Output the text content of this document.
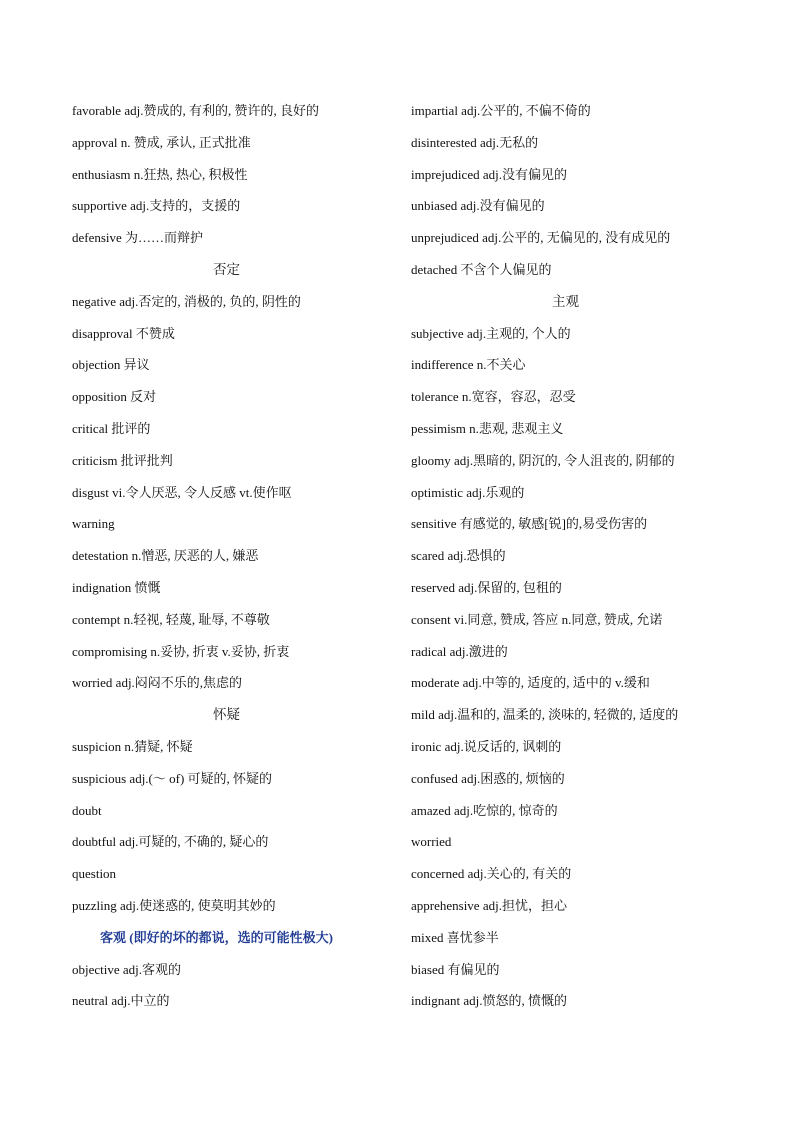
favorable adj.赞成的, 有利的, 赞许的, 良好的
approval n. 赞成, 承认, 正式批准
enthusiasm n.狂热, 热心, 积极性
supportive adj.支持的，支援的
defensive 为……而辩护
否定
negative adj.否定的, 消极的, 负的, 阴性的
disapproval 不赞成
objection 异议
opposition 反对
critical 批评的
criticism 批评批判
disgust vi.令人厌恶, 令人反感 vt.使作呕
warning
detestation n.憎恶, 厌恶的人, 嫌恶
indignation 愤慨
contempt n.轻视, 轻蔑, 耻辱, 不尊敬
compromising n.妥协, 折衷 v.妥协, 折衷
worried adj.闷闷不乐的,焦虑的
怀疑
suspicion n.猜疑, 怀疑
suspicious adj.(～ of) 可疑的, 怀疑的
doubt
doubtful adj.可疑的, 不确的, 疑心的
question
puzzling adj.使迷惑的, 使莫明其妙的
客观 (即好的坏的都说，选的可能性极大)
objective adj.客观的
neutral adj.中立的
impartial adj.公平的, 不偏不倚的
disinterested adj.无私的
imprejudiced adj.没有偏见的
unbiased adj.没有偏见的
unprejudiced adj.公平的, 无偏见的, 没有成见的
detached 不含个人偏见的
主观
subjective adj.主观的, 个人的
indifference n.不关心
tolerance n.宽容，容忍，忍受
pessimism n.悲观, 悲观主义
gloomy adj.黑暗的, 阴沉的, 令人沮丧的, 阴郁的
optimistic adj.乐观的
sensitive 有感觉的, 敏感[锐]的,易受伤害的
scared adj.恐惧的
reserved adj.保留的, 包租的
consent vi.同意, 赞成, 答应 n.同意, 赞成, 允诺
radical adj.激进的
moderate adj.中等的, 适度的, 适中的 v.缓和
mild adj.温和的, 温柔的, 淡味的, 轻微的, 适度的
ironic adj.说反话的, 讽刺的
confused adj.困惑的, 烦恼的
amazed adj.吃惊的, 惊奇的
worried
concerned adj.关心的, 有关的
apprehensive adj.担忧，担心
mixed 喜忧参半
biased 有偏见的
indignant adj.愤怒的, 愤慨的
